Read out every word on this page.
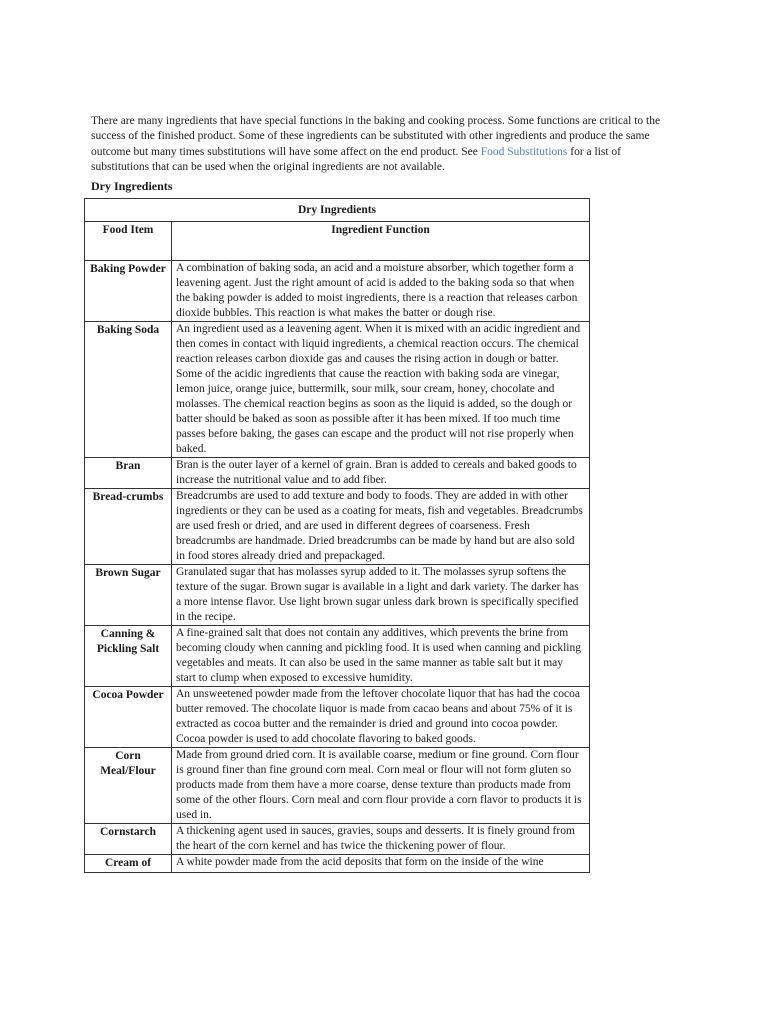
There are many ingredients that have special functions in the baking and cooking process. Some functions are critical to the success of the finished product. Some of these ingredients can be substituted with other ingredients and produce the same outcome but many times substitutions will have some affect on the end product. See Food Substitutions for a list of substitutions that can be used when the original ingredients are not available.

Dry Ingredients

Dry Ingredients	
Food Item	Ingredient Function
Baking Powder	A combination of baking soda, an acid and a moisture absorber, which together form a leavening agent. Just the right amount of acid is added to the baking soda so that when the baking powder is added to moist ingredients, there is a reaction that releases carbon dioxide bubbles. This reaction is what makes the batter or dough rise.
Baking Soda	An ingredient used as a leavening agent. When it is mixed with an acidic ingredient and then comes in contact with liquid ingredients, a chemical reaction occurs. The chemical reaction releases carbon dioxide gas and causes the rising action in dough or batter. Some of the acidic ingredients that cause the reaction with baking soda are vinegar, lemon juice, orange juice, buttermilk, sour milk, sour cream, honey, chocolate and molasses. The chemical reaction begins as soon as the liquid is added, so the dough or batter should be baked as soon as possible after it has been mixed. If too much time passes before baking, the gases can escape and the product will not rise properly when baked.
Bran	Bran is the outer layer of a kernel of grain. Bran is added to cereals and baked goods to increase the nutritional value and to add fiber.
Bread-crumbs	Breadcrumbs are used to add texture and body to foods. They are added in with other ingredients or they can be used as a coating for meats, fish and vegetables. Breadcrumbs are used fresh or dried, and are used in different degrees of coarseness. Fresh breadcrumbs are handmade. Dried breadcrumbs can be made by hand but are also sold in food stores already dried and prepackaged.
Brown Sugar	Granulated sugar that has molasses syrup added to it. The molasses syrup softens the texture of the sugar. Brown sugar is available in a light and dark variety. The darker has a more intense flavor. Use light brown sugar unless dark brown is specifically specified in the recipe.
Canning & Pickling Salt	A fine-grained salt that does not contain any additives, which prevents the brine from becoming cloudy when canning and pickling food. It is used when canning and pickling vegetables and meats. It can also be used in the same manner as table salt but it may start to clump when exposed to excessive humidity.
Cocoa Powder	An unsweetened powder made from the leftover chocolate liquor that has had the cocoa butter removed. The chocolate liquor is made from cacao beans and about 75% of it is extracted as cocoa butter and the remainder is dried and ground into cocoa powder. Cocoa powder is used to add chocolate flavoring to baked goods.
Corn Meal/Flour	Made from ground dried corn. It is available coarse, medium or fine ground. Corn flour is ground finer than fine ground corn meal. Corn meal or flour will not form gluten so products made from them have a more coarse, dense texture than products made from some of the other flours. Corn meal and corn flour provide a corn flavor to products it is used in.
Cornstarch	A thickening agent used in sauces, gravies, soups and desserts. It is finely ground from the heart of the corn kernel and has twice the thickening power of flour.
Cream of	A white powder made from the acid deposits that form on the inside of the wine
